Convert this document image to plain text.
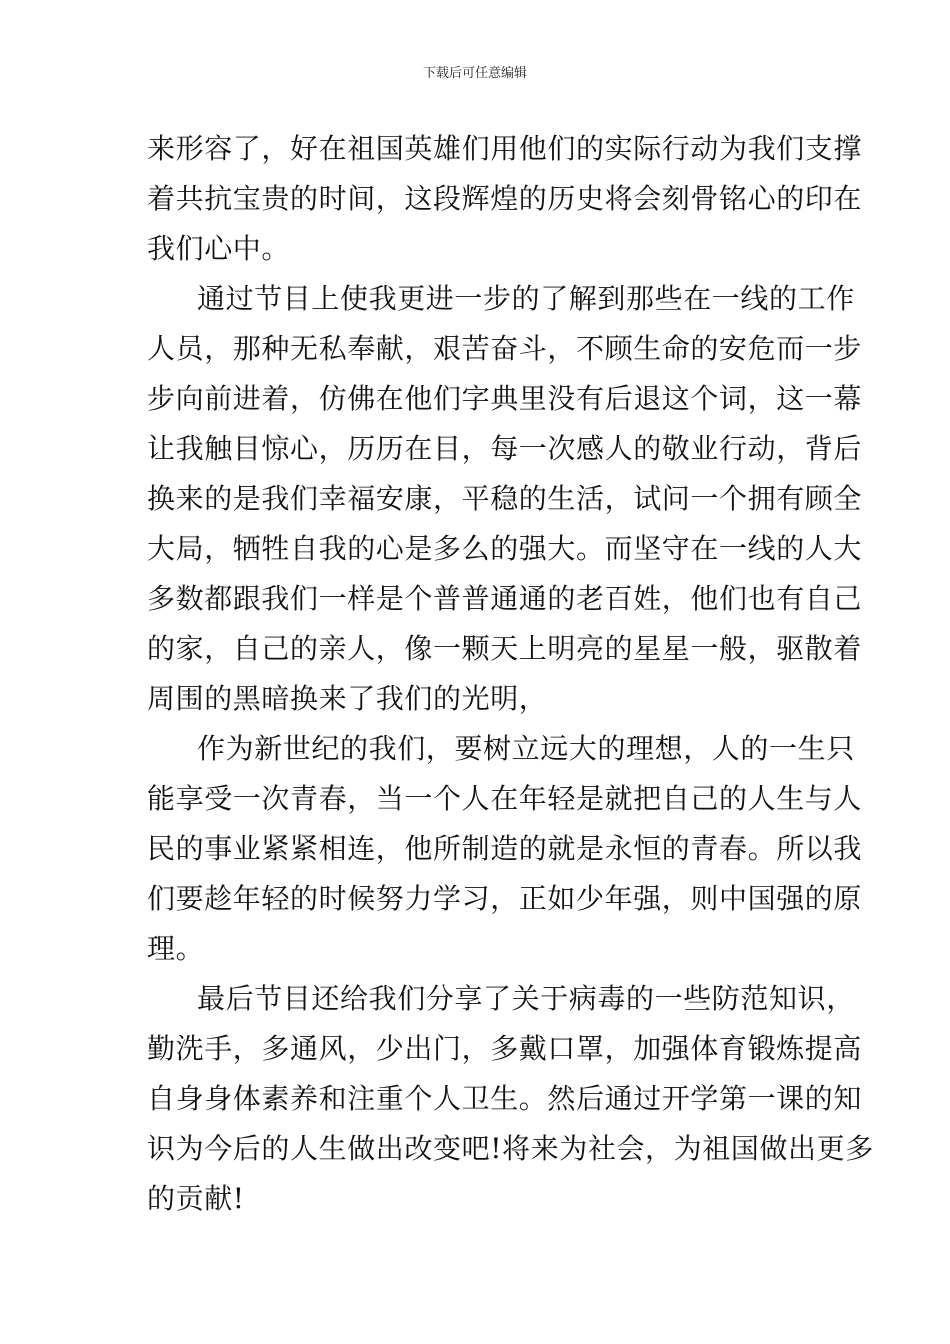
下载后可任意编辑
来形容了，好在祖国英雄们用他们的实际行动为我们支撑
着共抗宝贵的时间，这段辉煌的历史将会刻骨铭心的印在
我们心中。
通过节目上使我更进一步的了解到那些在一线的工作
人员，那种无私奉献，艰苦奋斗，不顾生命的安危而一步
步向前进着，仿佛在他们字典里没有后退这个词，这一幕
让我触目惊心，历历在目，每一次感人的敬业行动，背后
换来的是我们幸福安康，平稳的生活，试问一个拥有顾全
大局，牺牲自我的心是多么的强大。而坚守在一线的人大
多数都跟我们一样是个普普通通的老百姓，他们也有自己
的家，自己的亲人，像一颗天上明亮的星星一般，驱散着
周围的黑暗换来了我们的光明，
作为新世纪的我们，要树立远大的理想，人的一生只
能享受一次青春，当一个人在年轻是就把自己的人生与人
民的事业紧紧相连，他所制造的就是永恒的青春。所以我
们要趁年轻的时候努力学习，正如少年强，则中国强的原
理。
最后节目还给我们分享了关于病毒的一些防范知识，
勤洗手，多通风，少出门，多戴口罩，加强体育锻炼提高
自身身体素养和注重个人卫生。然后通过开学第一课的知
识为今后的人生做出改变吧!将来为社会，为祖国做出更多
的贡献!
